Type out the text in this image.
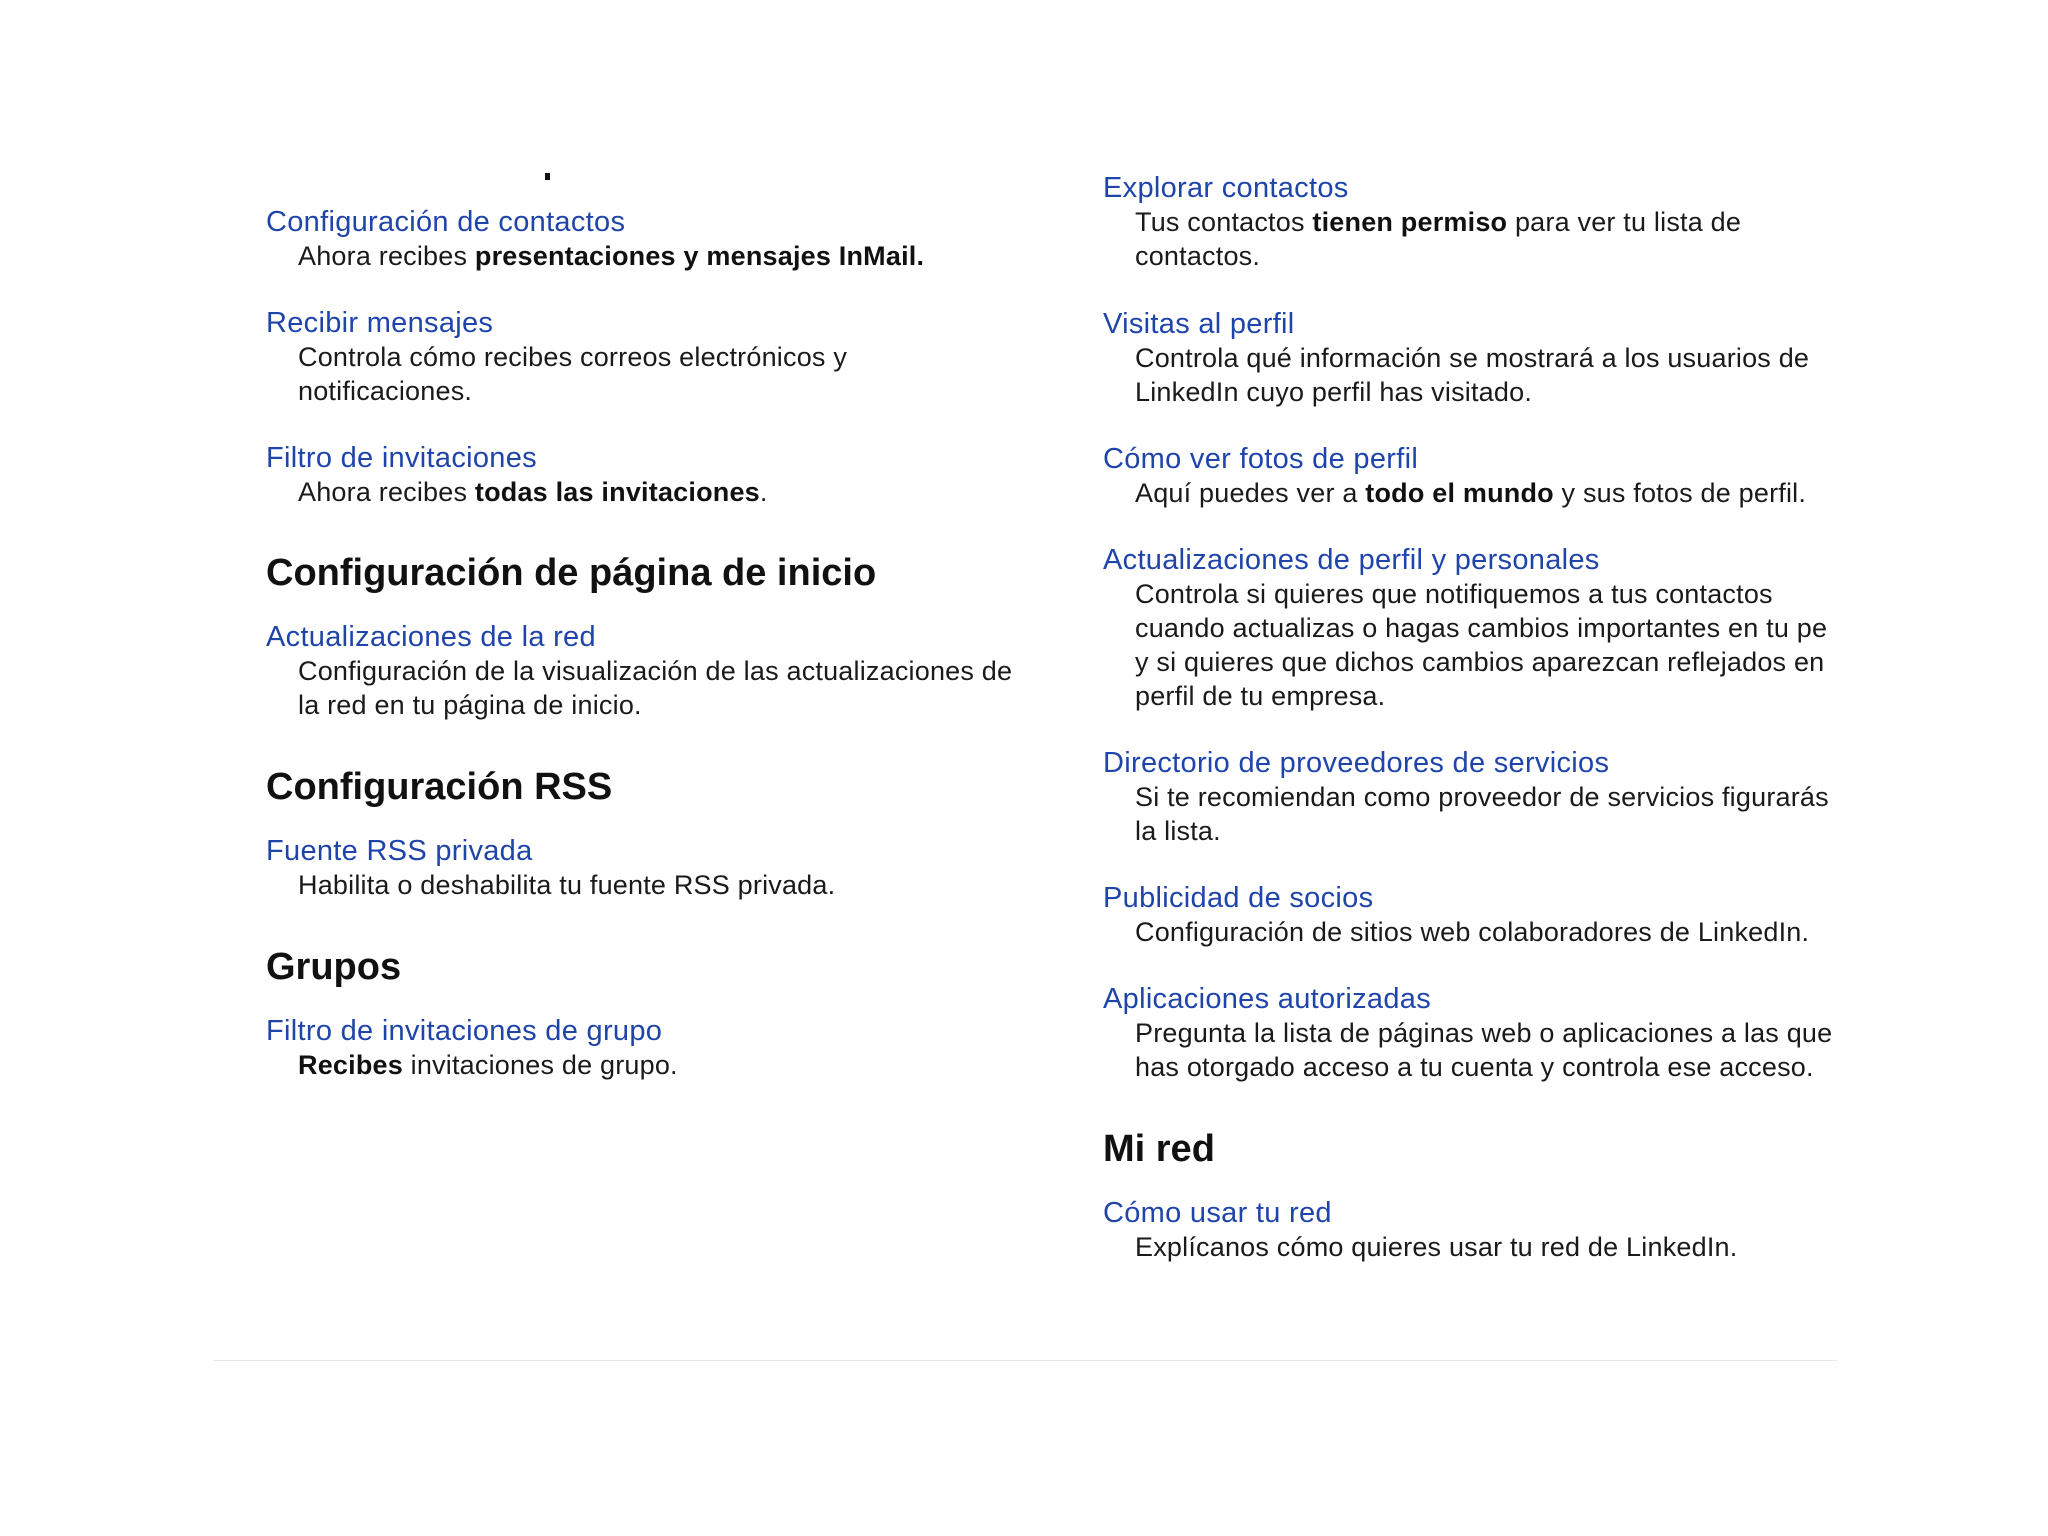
Configuración de contactos
Ahora recibes presentaciones y mensajes InMail.
Recibir mensajes
Controla cómo recibes correos electrónicos y
notificaciones.
Filtro de invitaciones
Ahora recibes todas las invitaciones.
Configuración de página de inicio
Actualizaciones de la red
Configuración de la visualización de las actualizaciones de
la red en tu página de inicio.
Configuración RSS
Fuente RSS privada
Habilita o deshabilita tu fuente RSS privada.
Grupos
Filtro de invitaciones de grupo
Recibes invitaciones de grupo.
Explorar contactos
Tus contactos tienen permiso para ver tu lista de
contactos.
Visitas al perfil
Controla qué información se mostrará a los usuarios de
LinkedIn cuyo perfil has visitado.
Cómo ver fotos de perfil
Aquí puedes ver a todo el mundo y sus fotos de perfil.
Actualizaciones de perfil y personales
Controla si quieres que notifiquemos a tus contactos
cuando actualizas o hagas cambios importantes en tu pe
y si quieres que dichos cambios aparezcan reflejados en
perfil de tu empresa.
Directorio de proveedores de servicios
Si te recomiendan como proveedor de servicios figurarás
la lista.
Publicidad de socios
Configuración de sitios web colaboradores de LinkedIn.
Aplicaciones autorizadas
Pregunta la lista de páginas web o aplicaciones a las que
has otorgado acceso a tu cuenta y controla ese acceso.
Mi red
Cómo usar tu red
Explícanos cómo quieres usar tu red de LinkedIn.
